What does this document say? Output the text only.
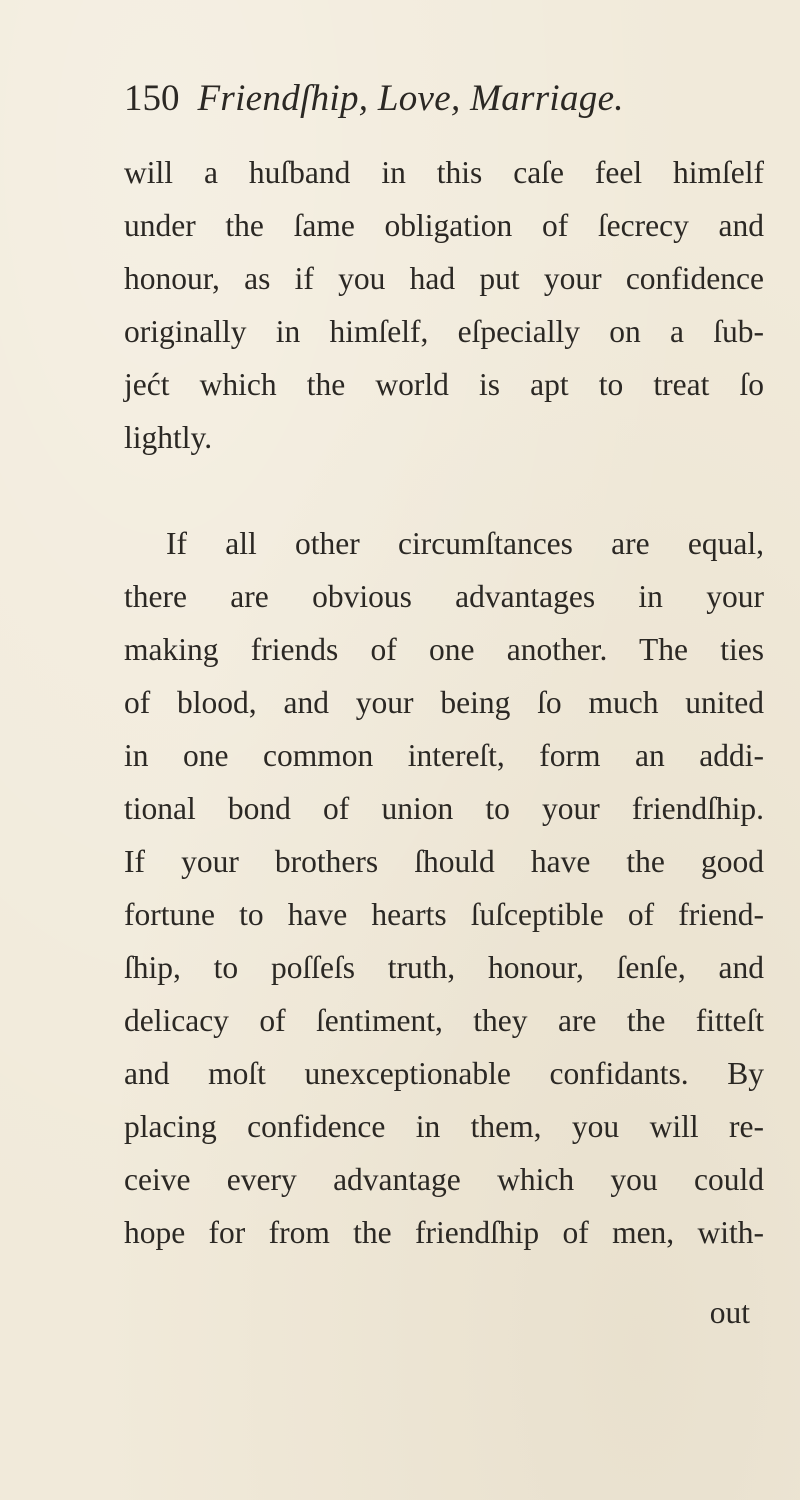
150 Friendſhip, Love, Marriage.
will a huſband in this caſe feel himſelf
under the ſame obligation of ſecrecy and
honour, as if you had put your confidence
originally in himſelf, eſpecially on a ſub-
jećt which the world is apt to treat ſo
lightly.
If all other circumſtances are equal,
there are obvious advantages in your
making friends of one another. The ties
of blood, and your being ſo much united
in one common intereſt, form an addi-
tional bond of union to your friendſhip.
If your brothers ſhould have the good
fortune to have hearts ſuſceptible of friend-
ſhip, to poſſeſs truth, honour, ſenſe, and
delicacy of ſentiment, they are the fitteſt
and moſt unexceptionable confidants. By
placing confidence in them, you will re-
ceive every advantage which you could
hope for from the friendſhip of men, with-
out
